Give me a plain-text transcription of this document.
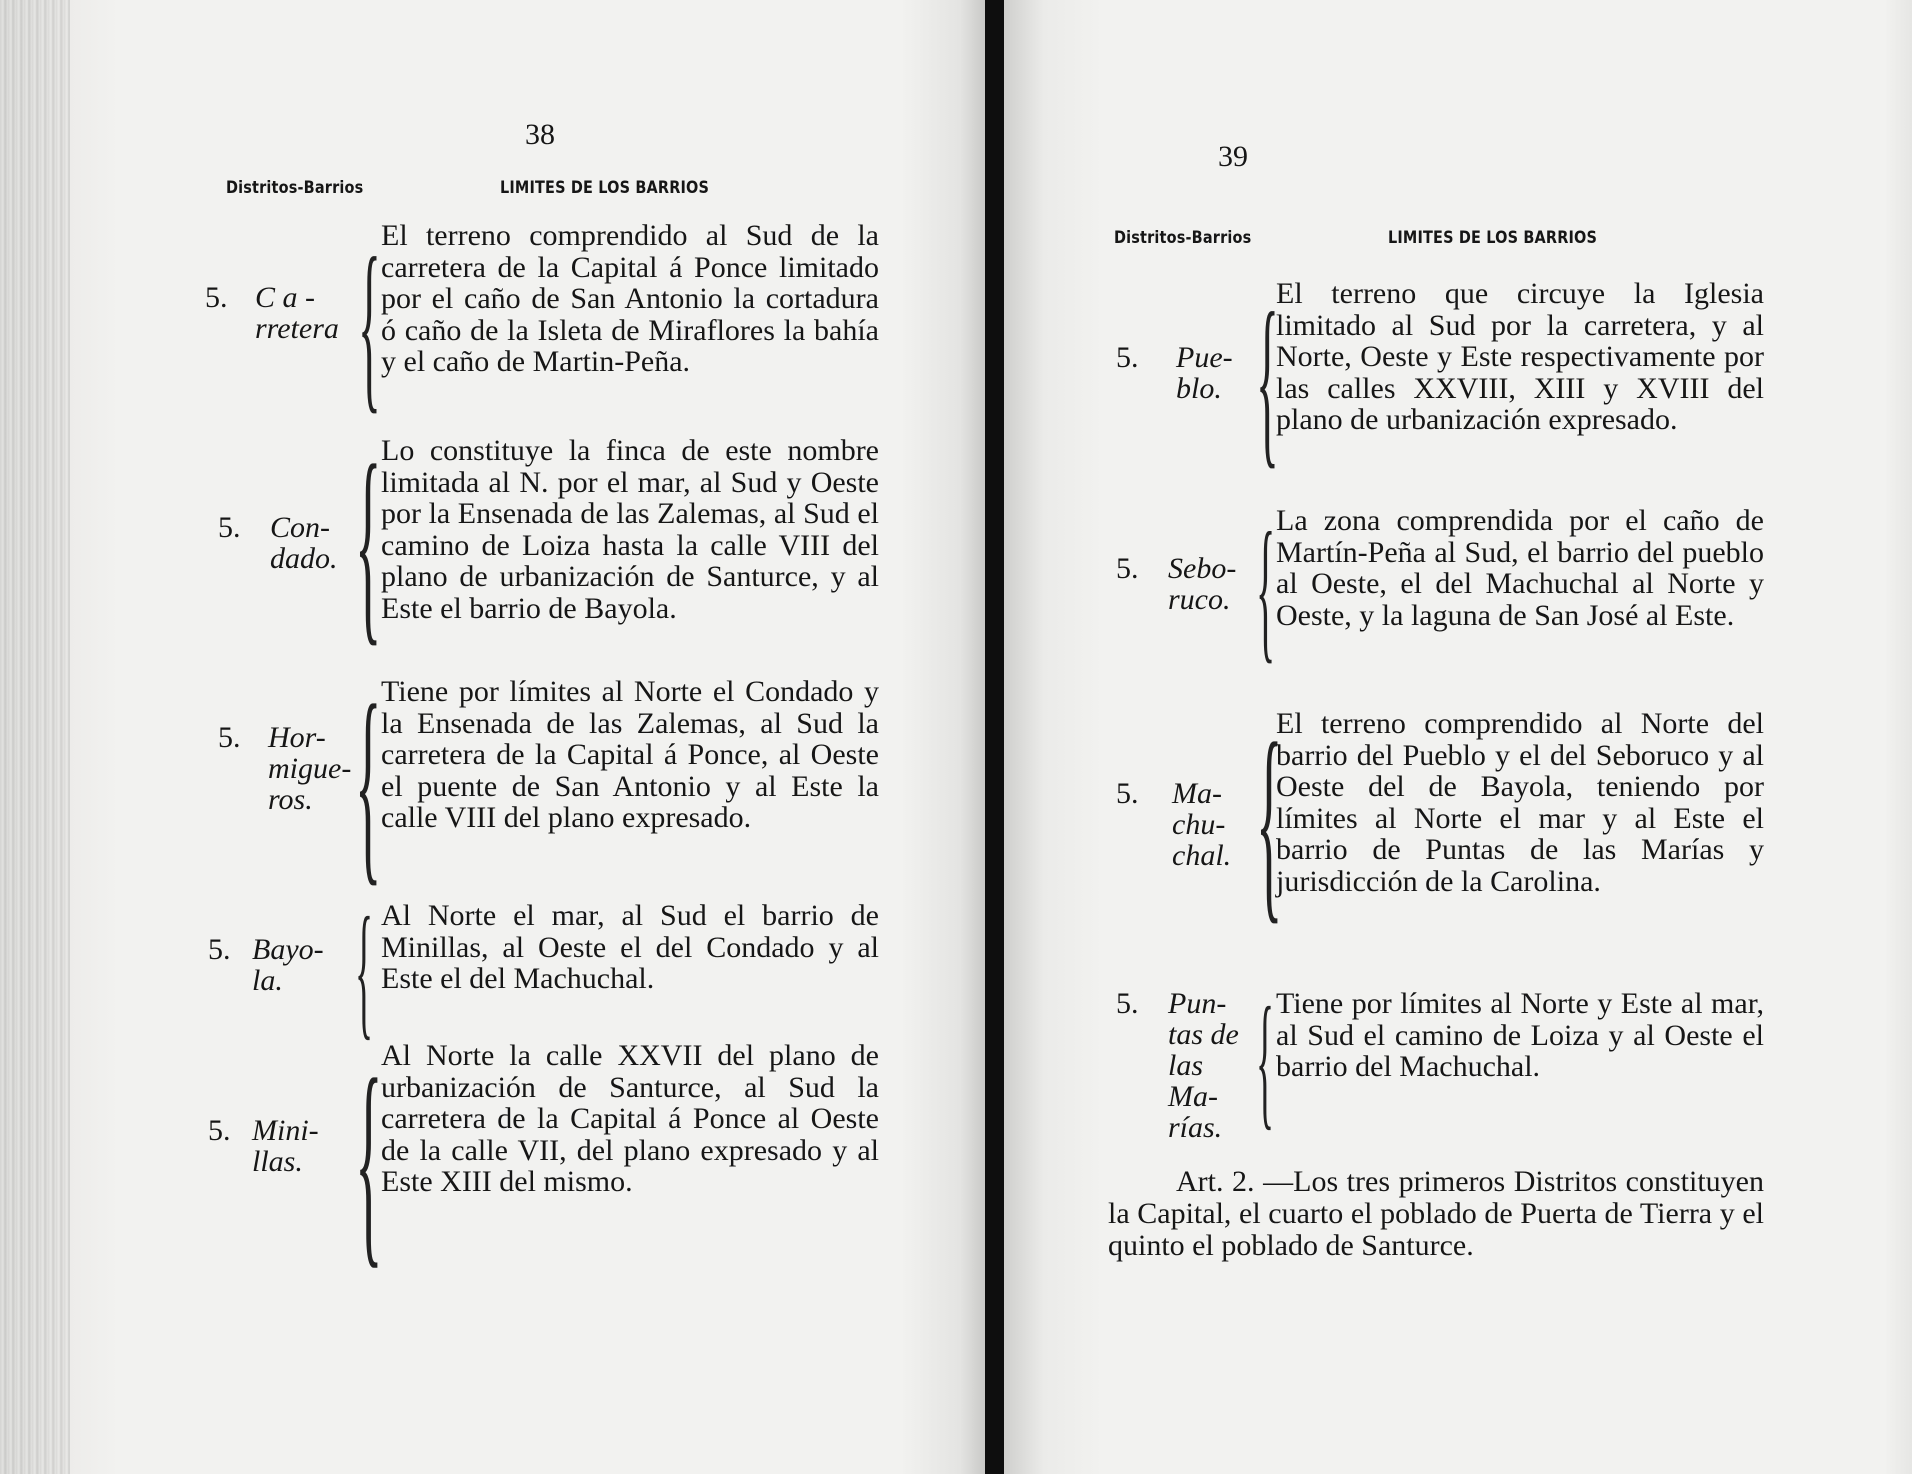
38
Distritos-Barrios	LIMITES DE LOS BARRIOS
5. C a -
rretera { El terreno comprendido al Sud de la carretera de la Capital á Ponce limitado por el caño de San Antonio la cortadura ó caño de la Isleta de Miraflores la bahía y el caño de Martin-Peña.
5. Con-
dado. { Lo constituye la finca de este nombre limitada al N. por el mar, al Sud y Oeste por la Ensenada de las Zalemas, al Sud el camino de Loiza hasta la calle VIII del plano de urbanización de Santurce, y al Este el barrio de Bayola.
5. Hor-
migue-
ros. { Tiene por límites al Norte el Condado y la Ensenada de las Zalemas, al Sud la carretera de la Capital á Ponce, al Oeste el puente de San Antonio y al Este la calle VIII del plano expresado.
5. Bayo-
la. { Al Norte el mar, al Sud el barrio de Minillas, al Oeste el del Condado y al Este el del Machuchal.
5. Mini-
llas. {
Al Norte la calle XXVII del plano de urbanización de Santurce, al Sud la carretera de la Capital á Ponce al Oeste de la calle VII, del plano expresado y al Este XIII del mismo.
39
Distritos-Barrios	LIMITES DE LOS BARRIOS
5.	Pue-
blo. {
El terreno que circuye la Iglesia limitado al Sud por la carretera, y al Norte, Oeste y Este respectivamente por las calles XXVIII, XIII y XVIII del plano de urbanización expresado.
5. Sebo-
ruco. { La zona comprendida por el caño de Martín-Peña al Sud, el barrio del pueblo al Oeste, el del Machuchal al Norte y Oeste, y la laguna de San José al Este.
5.	Ma-
chu-
chal. {
El terreno comprendido al Norte del barrio del Pueblo y el del Seboruco y al Oeste del de Bayola, teniendo por límites al Norte el mar y al Este el barrio de Puntas de las Marías y jurisdicción de la Carolina.
5. Pun-
tas de
las Ma-
rías. { Tiene por límites al Norte y Este al mar, al Sud el camino de Loiza y al Oeste el barrio del Machuchal.
Art. 2. —Los tres primeros Distritos constituyen la Capital, el cuarto el poblado de Puerta de Tierra y el quinto el poblado de Santurce.
